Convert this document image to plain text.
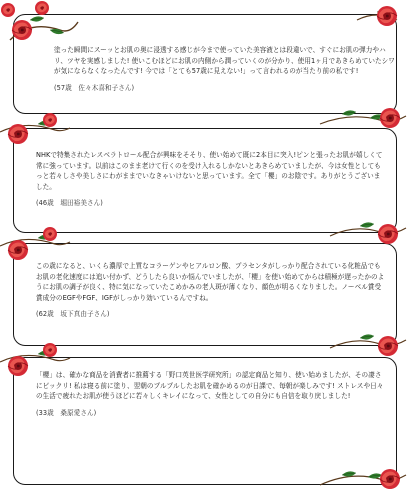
塗った瞬間にスーッとお肌の奥に浸透する感じが今まで使っていた美容液とは段違いで、すぐにお肌の弾力やハリ、ツヤを実感しました! 使いこむほどにお肌の内側から潤っていくのが分かり、使用1ヶ月であきらめていたシワが気にならなくなったんです! 今では「とても57歳に見えない!」って言われるのが当たり前の私です!

(57歳　佐々木喜和子さん)

NHKで特集されたレスベラトロール配合が興味をそそり、使い始めて既に2本目に突入!ピンと張ったお肌が嬉しくて常に強っています。以前はこのまま老けて行くのを受け入れるしかないとあきらめていましたが、今は女性としてもっと若々しさや美しさにわがままでいなきゃいけないと思っています。全て「櫻」のお陰です。ありがとうございました。

(46歳　堀田裕美さん)

この歳になると、いくら濃厚で上質なコラーゲンやヒアルロン酸、プラセンタがしっかり配合されている化粧品でもお肌の老化速度には追い付かず、どうしたら良いか悩んでいましたが、「櫻」を使い始めてからは積極が遅ったかのようにお肌の調子が良く、特に気になっていたこめかみの老人斑が薄くなり、顔色が明るくなりました。ノーベル賞受賞成分のEGFやFGF、IGFがしっかり効いているんですね。

(62歳　坂下真由子さん)

「櫻」は、確かな商品を消費者に推薦する「野口英世医学研究所」の認定商品と知り、使い始めましたが、その凄さにビックリ! 私は寝る前に塗り、翌朝のプルプルしたお肌を確かめるのが日課で、毎朝が楽しみです! ストレスや日々の生活で疲れたお肌が使うほどに若々しくキレイになって、女性としての自分にも自信を取り戻しました!

(33歳　桑原愛さん)
